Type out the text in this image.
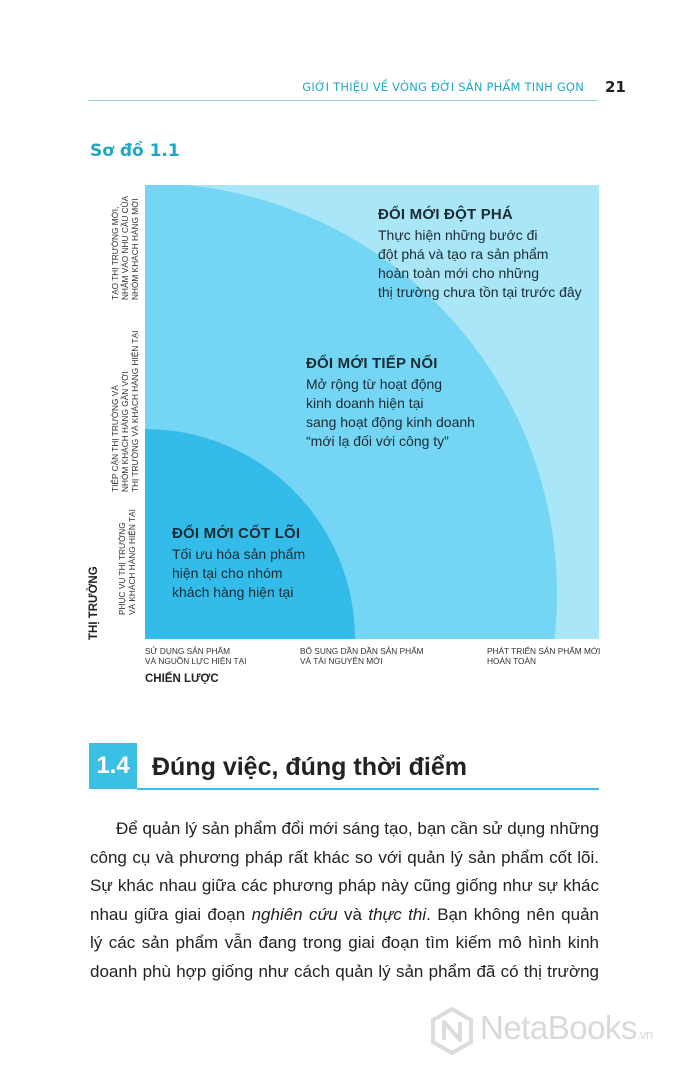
GIỚI THIỆU VỀ VÒNG ĐỜI SẢN PHẨM TINH GỌN 21
Sơ đồ 1.1
ĐỔI MỚI ĐỘT PHÁ
Thực hiện những bước đi
đột phá và tạo ra sản phẩm
hoàn toàn mới cho những
thị trường chưa tồn tại trước đây
ĐỔI MỚI TIẾP NỐI
Mở rộng từ hoạt động
kinh doanh hiện tại
sang hoạt động kinh doanh
“mới lạ đối với công ty”
ĐỔI MỚI CỐT LÕI
Tối ưu hóa sản phẩm
hiện tại cho nhóm
khách hàng hiện tại
PHỤC VỤ THỊ TRƯỜNG VÀ KHÁCH HÀNG HIỆN TẠI
TIẾP CẬN THỊ TRƯỜNG VÀ NHÓM KHÁCH HÀNG GẦN VỚI THỊ TRƯỜNG VÀ KHÁCH HÀNG HIỆN TẠI
TẠO THỊ TRƯỜNG MỚI, NHẮM VÀO NHU CẦU CỦA NHÓM KHÁCH HÀNG MỚI
THỊ TRƯỜNG
SỬ DỤNG SẢN PHẨM
VÀ NGUỒN LỰC HIỆN TẠI
BỔ SUNG DẦN DẦN SẢN PHẨM
VÀ TÀI NGUYÊN MỚI
PHÁT TRIỂN SẢN PHẨM MỚI
HOÀN TOÀN
CHIẾN LƯỢC
1.4 Đúng việc, đúng thời điểm
Để quản lý sản phẩm đổi mới sáng tạo, bạn cần sử dụng những
công cụ và phương pháp rất khác so với quản lý sản phẩm cốt lõi.
Sự khác nhau giữa các phương pháp này cũng giống như sự khác
nhau giữa giai đoạn nghiên cứu và thực thi. Bạn không nên quản
lý các sản phẩm vẫn đang trong giai đoạn tìm kiếm mô hình kinh
doanh phù hợp giống như cách quản lý sản phẩm đã có thị trường
NetaBooks.vn
